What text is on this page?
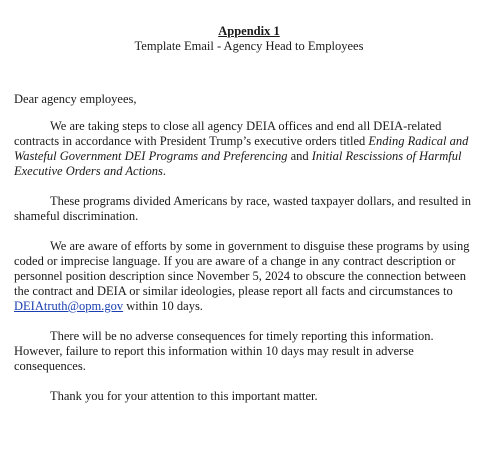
Appendix 1
Template Email - Agency Head to Employees

Dear agency employees,

We are taking steps to close all agency DEIA offices and end all DEIA-related contracts in accordance with President Trump’s executive orders titled Ending Radical and Wasteful Government DEI Programs and Preferencing and Initial Rescissions of Harmful Executive Orders and Actions.

These programs divided Americans by race, wasted taxpayer dollars, and resulted in shameful discrimination.

We are aware of efforts by some in government to disguise these programs by using coded or imprecise language. If you are aware of a change in any contract description or personnel position description since November 5, 2024 to obscure the connection between the contract and DEIA or similar ideologies, please report all facts and circumstances to DEIAtruth@opm.gov within 10 days.

There will be no adverse consequences for timely reporting this information. However, failure to report this information within 10 days may result in adverse consequences.

Thank you for your attention to this important matter.
